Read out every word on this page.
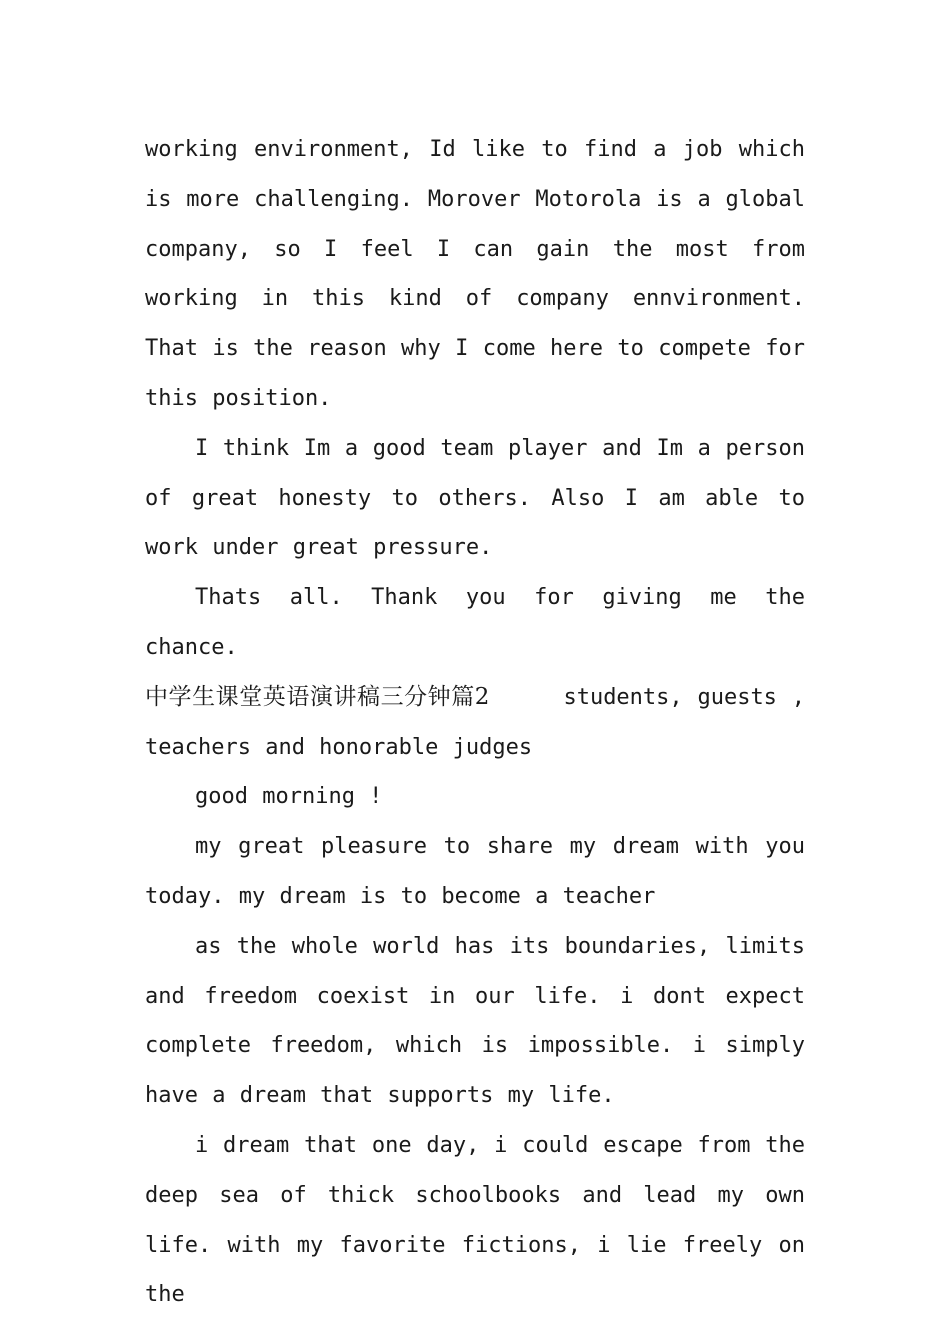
working environment, Id like to find a job which is more challenging. Morover Motorola is a global company, so I feel I can gain the most from working in this kind of company ennvironment. That is the reason why I come here to compete for this position.

I think Im a good team player and Im a person of great honesty to others. Also I am able to work under great pressure.

Thats all. Thank you for giving me the chance.

中学生课堂英语演讲稿三分钟篇2	students, guests , teachers and honorable judges

good morning !

my great pleasure to share my dream with you today. my dream is to become a teacher

as the whole world has its boundaries, limits and freedom coexist in our life. i dont expect complete freedom, which is impossible. i simply have a dream that supports my life.

i dream that one day, i could escape from the deep sea of thick schoolbooks and lead my own life. with my favorite fictions, i lie freely on the
